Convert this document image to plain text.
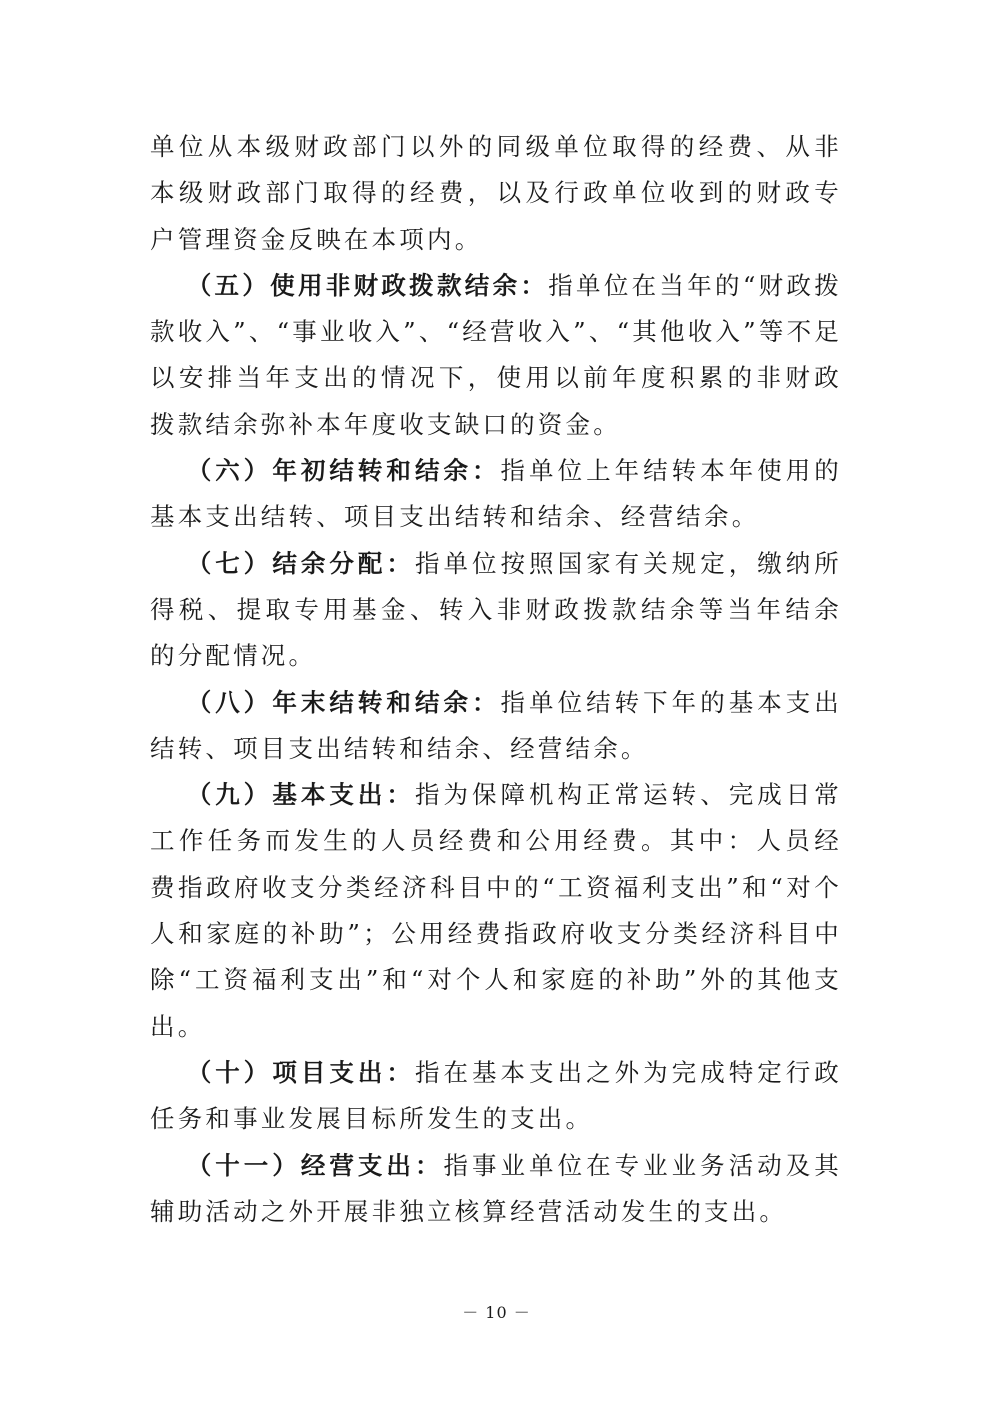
单位从本级财政部门以外的同级单位取得的经费、从非本级财政部门取得的经费，以及行政单位收到的财政专户管理资金反映在本项内。

（五）使用非财政拨款结余：指单位在当年的“财政拨款收入”、“事业收入”、“经营收入”、“其他收入”等不足以安排当年支出的情况下，使用以前年度积累的非财政拨款结余弥补本年度收支缺口的资金。

（六）年初结转和结余：指单位上年结转本年使用的基本支出结转、项目支出结转和结余、经营结余。

（七）结余分配：指单位按照国家有关规定，缴纳所得税、提取专用基金、转入非财政拨款结余等当年结余的分配情况。

（八）年末结转和结余：指单位结转下年的基本支出结转、项目支出结转和结余、经营结余。

（九）基本支出：指为保障机构正常运转、完成日常工作任务而发生的人员经费和公用经费。其中：人员经费指政府收支分类经济科目中的“工资福利支出”和“对个人和家庭的补助”；公用经费指政府收支分类经济科目中除“工资福利支出”和“对个人和家庭的补助”外的其他支出。

（十）项目支出：指在基本支出之外为完成特定行政任务和事业发展目标所发生的支出。

（十一）经营支出：指事业单位在专业业务活动及其辅助活动之外开展非独立核算经营活动发生的支出。

－ 10 －
